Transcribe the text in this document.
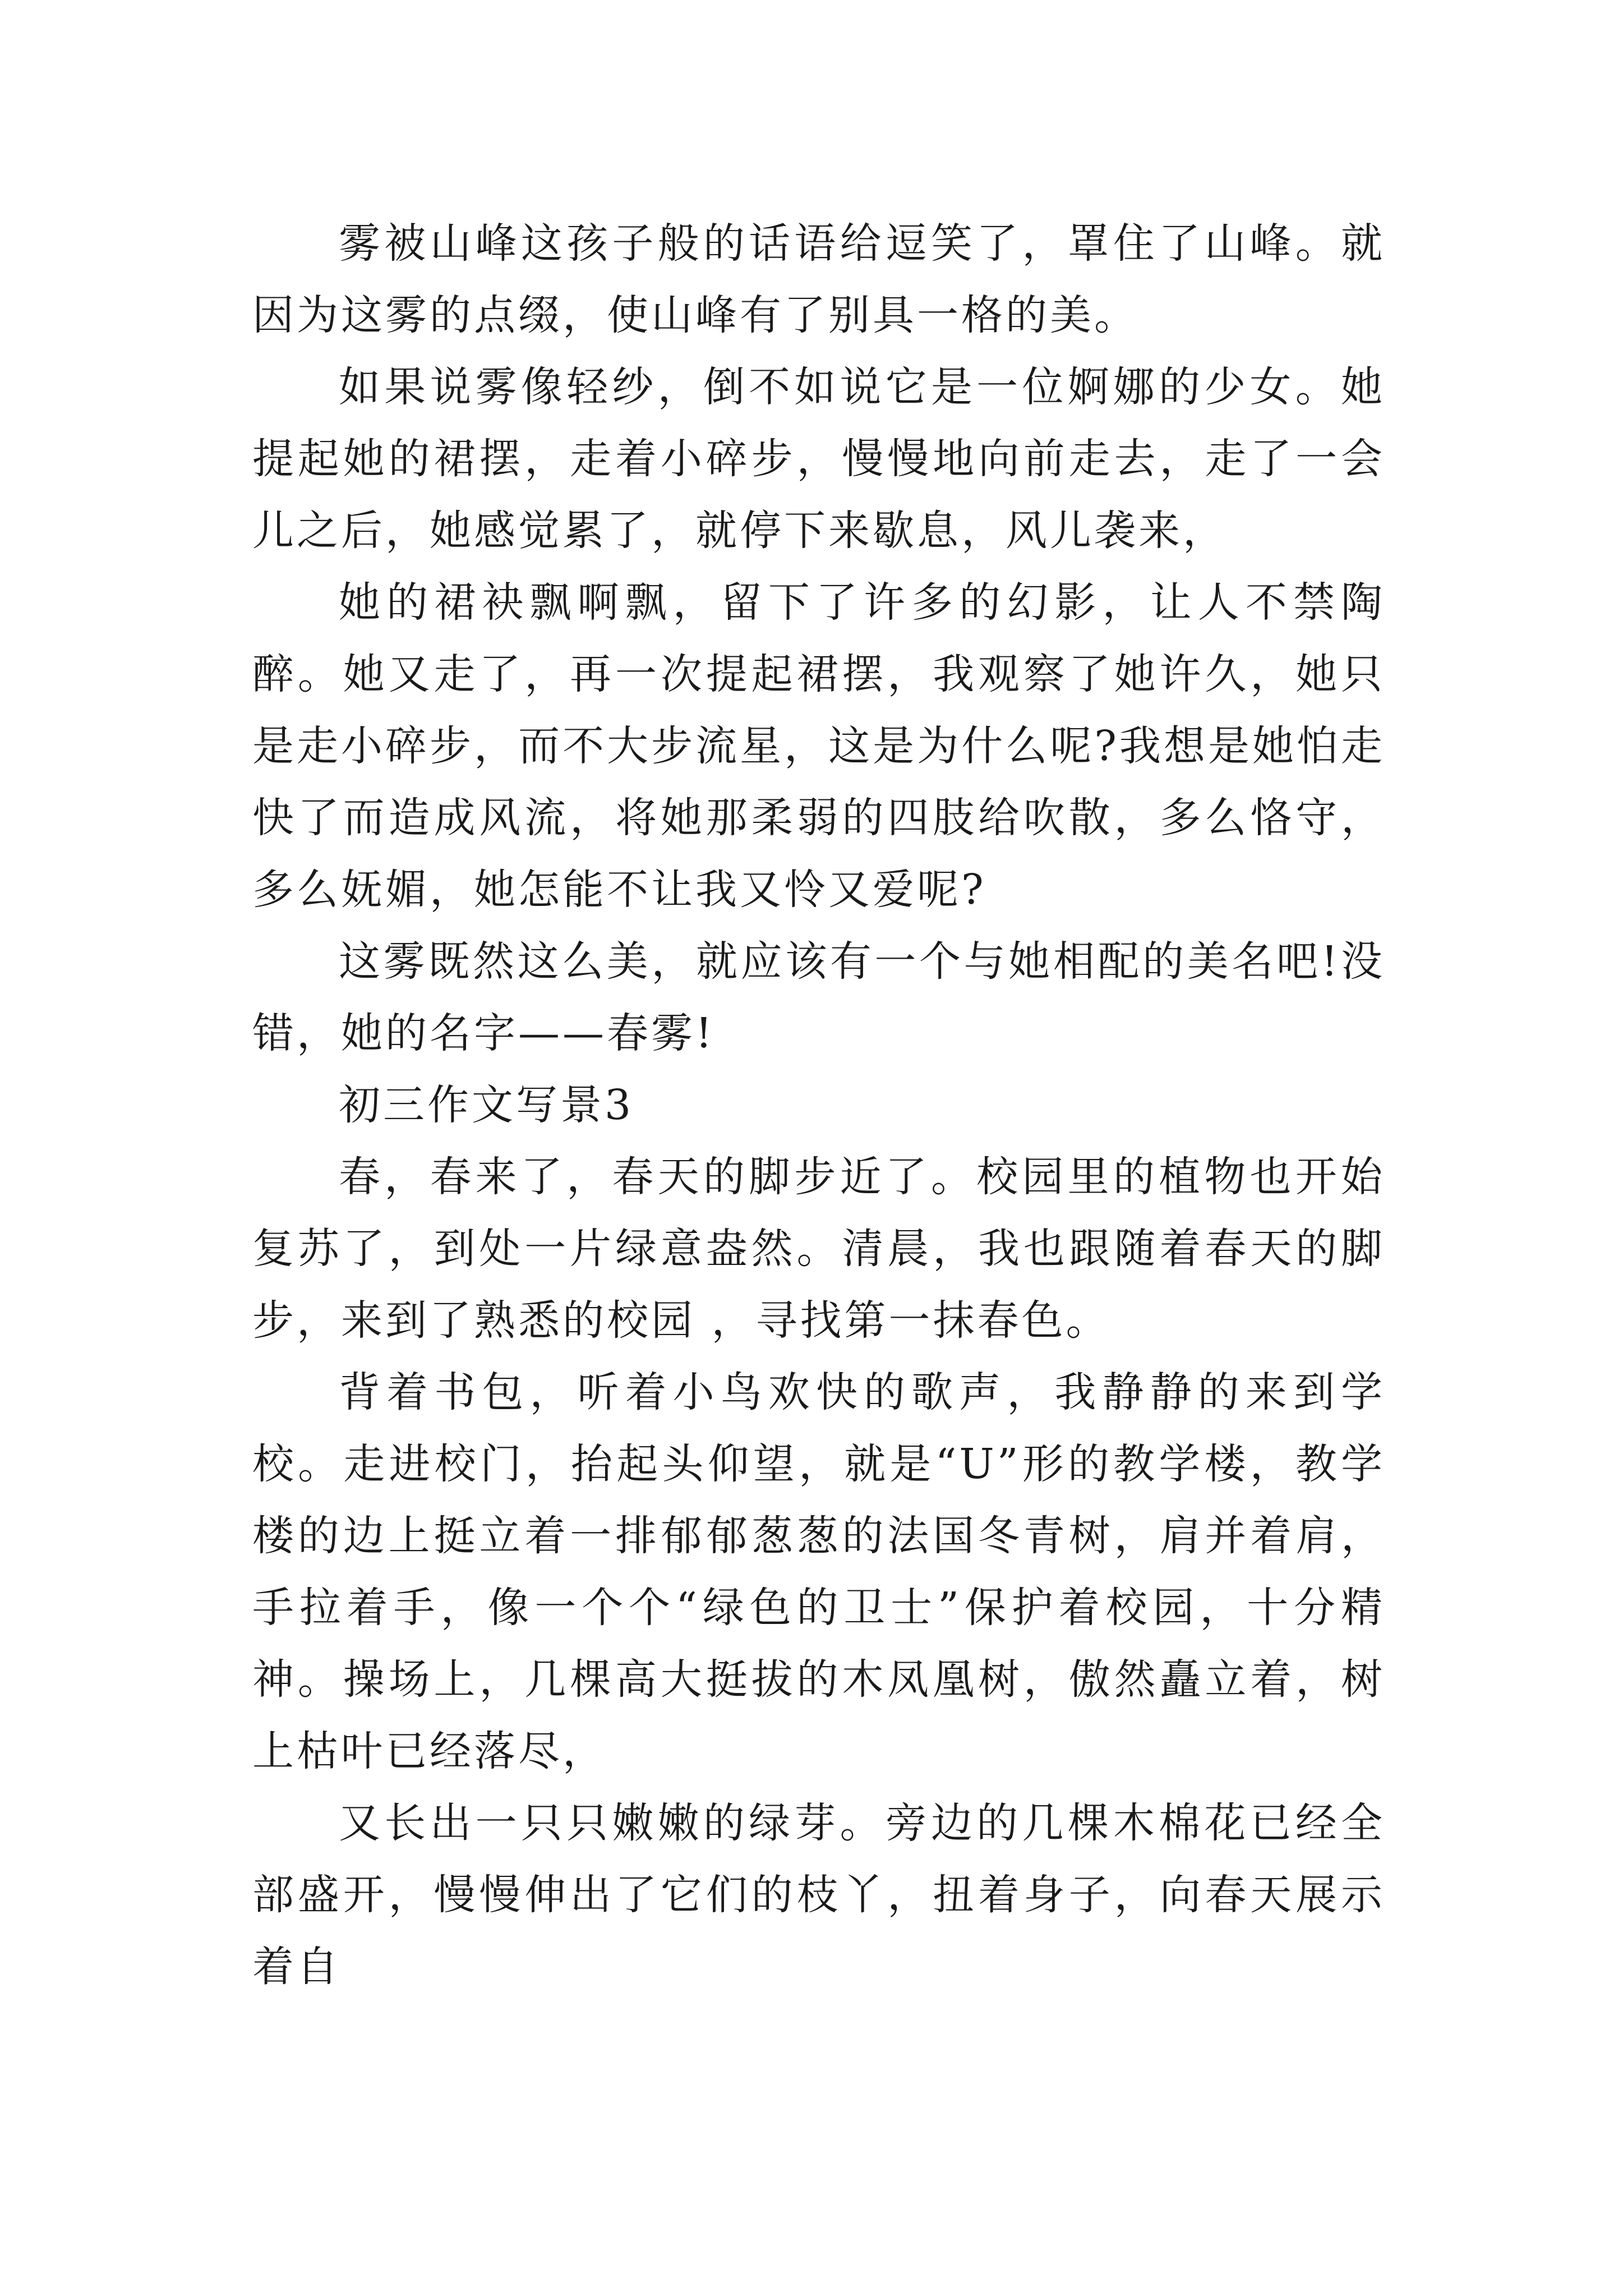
雾被山峰这孩子般的话语给逗笑了，罩住了山峰。就因为这雾的点缀，使山峰有了别具一格的美。

如果说雾像轻纱，倒不如说它是一位婀娜的少女。她提起她的裙摆，走着小碎步，慢慢地向前走去，走了一会儿之后，她感觉累了，就停下来歇息，风儿袭来，

她的裙袂飘啊飘，留下了许多的幻影，让人不禁陶醉。她又走了，再一次提起裙摆，我观察了她许久，她只是走小碎步，而不大步流星，这是为什么呢?我想是她怕走快了而造成风流，将她那柔弱的四肢给吹散，多么恪守，多么妩媚，她怎能不让我又怜又爱呢?

这雾既然这么美，就应该有一个与她相配的美名吧!没错，她的名字——春雾!

初三作文写景3

春，春来了，春天的脚步近了。校园里的植物也开始复苏了，到处一片绿意盎然。清晨，我也跟随着春天的脚步，来到了熟悉的校园 ，寻找第一抹春色。

背着书包，听着小鸟欢快的歌声，我静静的来到学校。走进校门，抬起头仰望，就是“U”形的教学楼，教学楼的边上挺立着一排郁郁葱葱的法国冬青树，肩并着肩，手拉着手，像一个个“绿色的卫士”保护着校园，十分精神。操场上，几棵高大挺拔的木凤凰树，傲然矗立着，树上枯叶已经落尽，

又长出一只只嫩嫩的绿芽。旁边的几棵木棉花已经全部盛开，慢慢伸出了它们的枝丫，扭着身子，向春天展示着自
